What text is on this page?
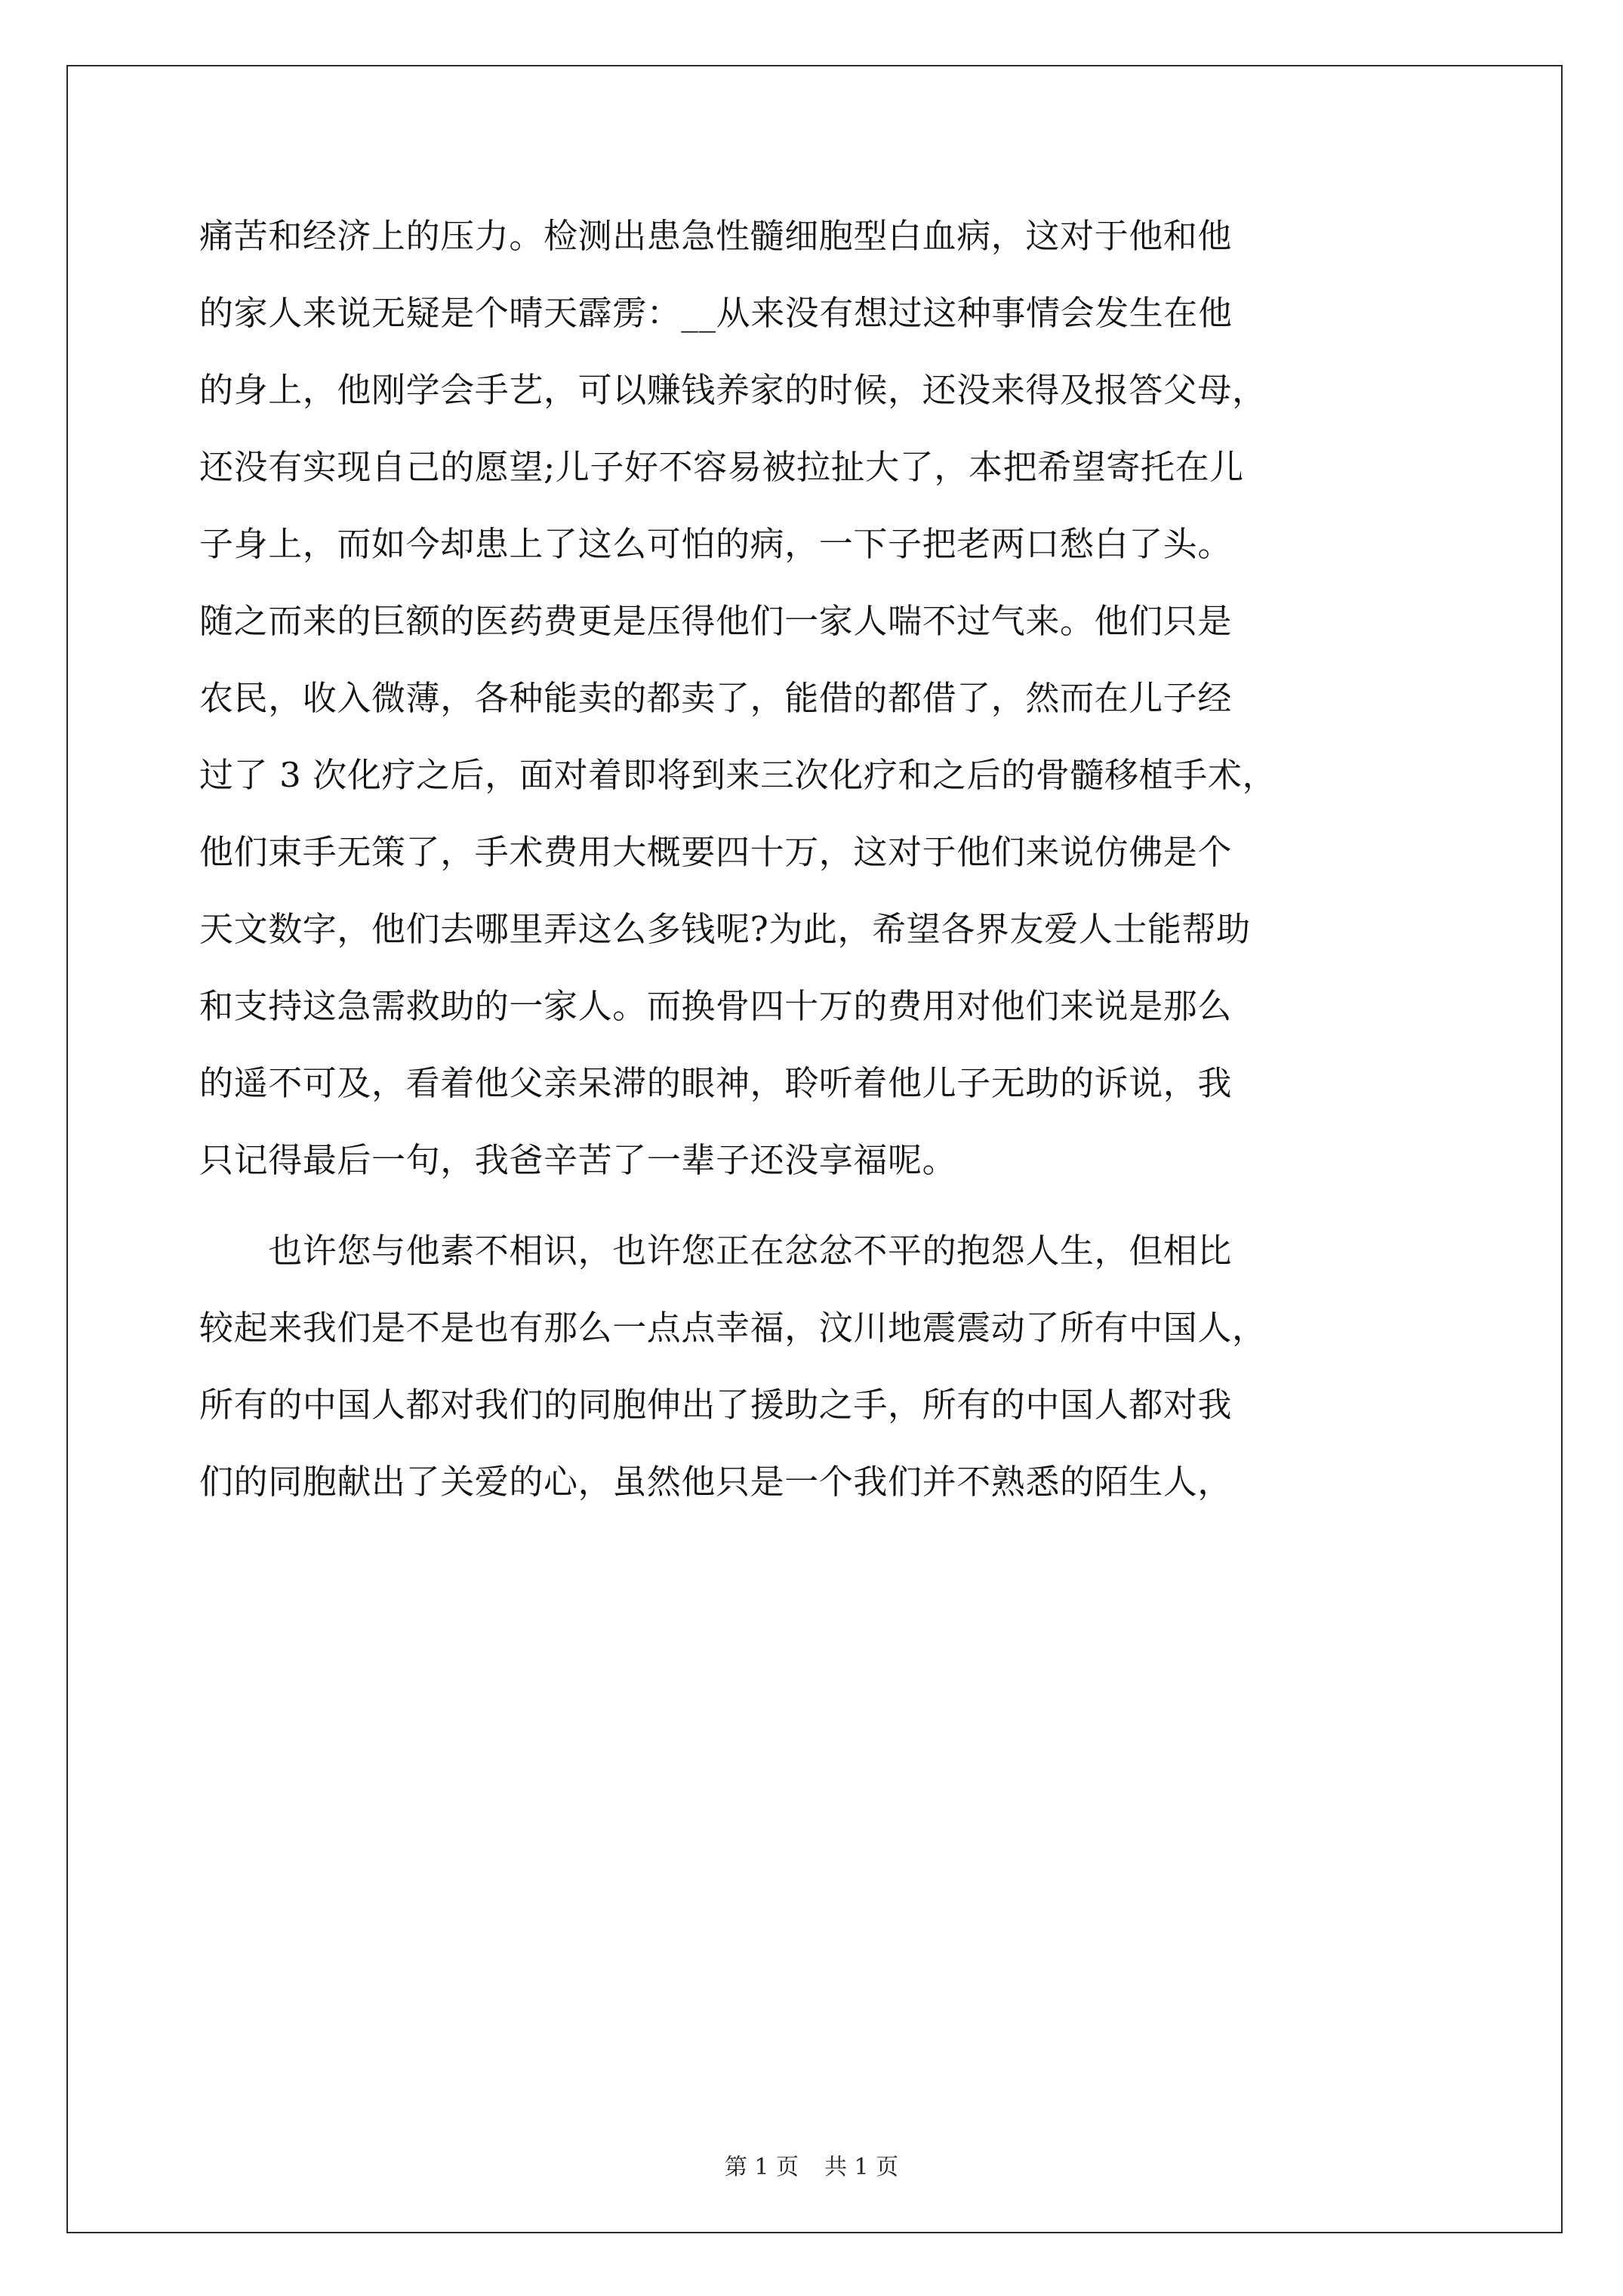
痛苦和经济上的压力。检测出患急性髓细胞型白血病，这对于他和他
的家人来说无疑是个晴天霹雳：__从来没有想过这种事情会发生在他
的身上，他刚学会手艺，可以赚钱养家的时候，还没来得及报答父母，
还没有实现自己的愿望;儿子好不容易被拉扯大了，本把希望寄托在儿
子身上，而如今却患上了这么可怕的病，一下子把老两口愁白了头。
随之而来的巨额的医药费更是压得他们一家人喘不过气来。他们只是
农民，收入微薄，各种能卖的都卖了，能借的都借了，然而在儿子经
过了 3 次化疗之后，面对着即将到来三次化疗和之后的骨髓移植手术，
他们束手无策了，手术费用大概要四十万，这对于他们来说仿佛是个
天文数字，他们去哪里弄这么多钱呢?为此，希望各界友爱人士能帮助
和支持这急需救助的一家人。而换骨四十万的费用对他们来说是那么
的遥不可及，看着他父亲呆滞的眼神，聆听着他儿子无助的诉说，我
只记得最后一句，我爸辛苦了一辈子还没享福呢。
　　也许您与他素不相识，也许您正在忿忿不平的抱怨人生，但相比
较起来我们是不是也有那么一点点幸福，汶川地震震动了所有中国人，
所有的中国人都对我们的同胞伸出了援助之手，所有的中国人都对我
们的同胞献出了关爱的心，虽然他只是一个我们并不熟悉的陌生人，
第 1 页 共 1 页
